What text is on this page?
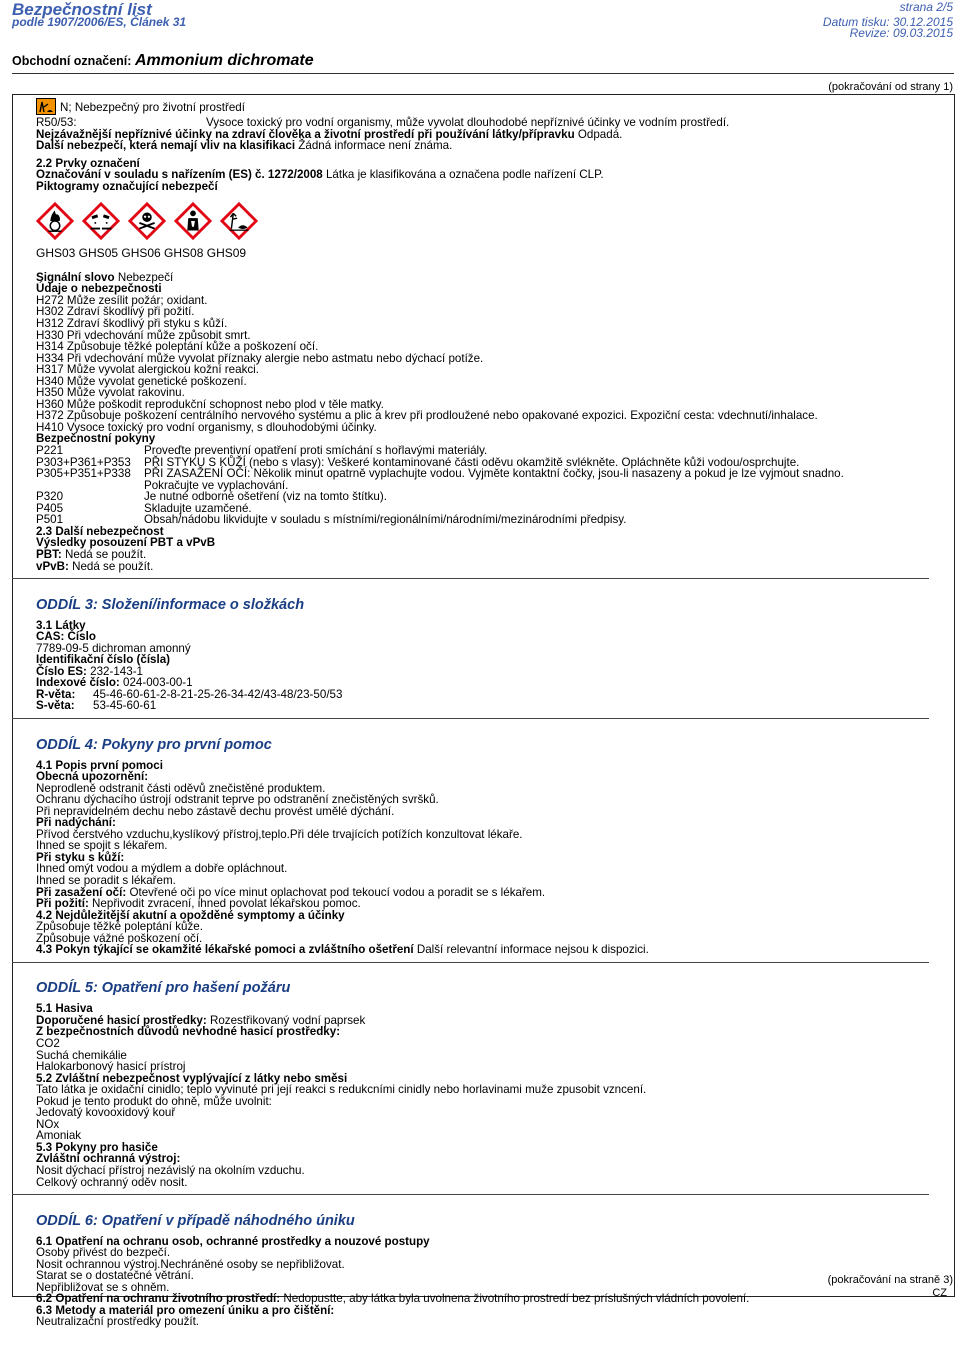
Bezpečnostní list
podle 1907/2006/ES, Článek 31
strana 2/5
Datum tisku: 30.12.2015
Revize: 09.03.2015
Obchodní označení: Ammonium dichromate
(pokračování od strany 1)
N; Nebezpečný pro životní prostředí
R50/53:	Vysoce toxický pro vodní organismy, může vyvolat dlouhodobé nepříznivé účinky ve vodním prostředí.
Nejzávažnější nepříznivé účinky na zdraví člověka a životní prostředí při používání látky/přípravku Odpadá.
Další nebezpečí, která nemají vliv na klasifikaci Žádná informace není známa.
2.2 Prvky označení
Označování v souladu s nařízením (ES) č. 1272/2008 Látka je klasifikována a označena podle nařízení CLP.
Piktogramy označující nebezpečí
GHS03 GHS05 GHS06 GHS08 GHS09
Signální slovo Nebezpečí
Údaje o nebezpečnosti
H272 Může zesílit požár; oxidant.
H302 Zdraví škodlivý při požití.
H312 Zdraví škodlivý při styku s kůží.
H330 Při vdechování může způsobit smrt.
H314 Způsobuje těžké poleptání kůže a poškození očí.
H334 Při vdechování může vyvolat příznaky alergie nebo astmatu nebo dýchací potíže.
H317 Může vyvolat alergickou kožní reakci.
H340 Může vyvolat genetické poškození.
H350 Může vyvolat rakovinu.
H360 Může poškodit reprodukční schopnost nebo plod v těle matky.
H372 Způsobuje poškození centrálního nervového systému a plic a krev při prodloužené nebo opakované expozici. Expoziční cesta: vdechnutí/inhalace.
H410 Vysoce toxický pro vodní organismy, s dlouhodobými účinky.
Bezpečnostní pokyny
P221	Proveďte preventivní opatření proti smíchání s hořlavými materiály.
P303+P361+P353	PŘI STYKU S KŮŽÍ (nebo s vlasy): Veškeré kontaminované části oděvu okamžitě svlékněte. Opláchněte kůži vodou/osprchujte.
P305+P351+P338	PŘI ZASAŽENÍ OČÍ: Několik minut opatrně vyplachujte vodou. Vyjměte kontaktní čočky, jsou-li nasazeny a pokud je lze vyjmout snadno.
Pokračujte ve vyplachování.
P320	Je nutné odborné ošetření (viz na tomto štítku).
P405	Skladujte uzamčené.
P501	Obsah/nádobu likvidujte v souladu s místními/regionálními/národními/mezinárodními předpisy.
2.3 Další nebezpečnost
Výsledky posouzení PBT a vPvB
PBT: Nedá se použít.
vPvB: Nedá se použít.
ODDÍL 3: Složení/informace o složkách
3.1 Látky
CAS: Číslo
7789-09-5 dichroman amonný
Identifikační číslo (čísla)
Číslo ES: 232-143-1
Indexové číslo: 024-003-00-1
R-věta:	45-46-60-61-2-8-21-25-26-34-42/43-48/23-50/53
S-věta:	53-45-60-61
ODDÍL 4: Pokyny pro první pomoc
4.1 Popis první pomoci
Obecná upozornění:
Neprodleně odstranit části oděvů znečistěné produktem.
Ochranu dýchacího ústrojí odstranit teprve po odstranění znečistěných svršků.
Při nepravidelném dechu nebo zástavě dechu provést umělé dýchání.
Při nadýchání:
Přívod čerstvého vzduchu,kyslíkový přístroj,teplo.Při déle trvajících potížích konzultovat lékaře.
Ihned se spojit s lékařem.
Při styku s kůží:
Ihned omýt vodou a mýdlem a dobře opláchnout.
Ihned se poradit s lékařem.
Při zasažení očí: Otevřené oči po více minut oplachovat pod tekoucí vodou a poradit se s lékařem.
Při požití: Nepřivodit zvracení, ihned povolat lékařskou pomoc.
4.2 Nejdůležitější akutní a opožděné symptomy a účinky
Způsobuje těžké poleptání kůže.
Způsobuje vážné poškození očí.
4.3 Pokyn týkající se okamžité lékařské pomoci a zvláštního ošetření Další relevantní informace nejsou k dispozici.
ODDÍL 5: Opatření pro hašení požáru
5.1 Hasiva
Doporučené hasicí prostředky: Rozestřikovaný vodní paprsek
Z bezpečnostních důvodů nevhodné hasicí prostředky:
CO2
Suchá chemikálie
Halokarbonový hasicí prístroj
5.2 Zvláštní nebezpečnost vyplývající z látky nebo směsi
Tato látka je oxidační cinidlo; teplo vyvinuté pri její reakci s redukcními cinidly nebo horlavinami muže zpusobit vzncení.
Pokud je tento produkt do ohně, může uvolnit:
Jedovatý kovooxidový kouř
NOx
Amoniak
5.3 Pokyny pro hasiče
Zvláštní ochranná výstroj:
Nosit dýchací přístroj nezávislý na okolním vzduchu.
Celkový ochranný oděv nosit.
ODDÍL 6: Opatření v případě náhodného úniku
6.1 Opatření na ochranu osob, ochranné prostředky a nouzové postupy
Osoby přivést do bezpečí.
Nosit ochrannou výstroj.Nechráněné osoby se nepřibližovat.
Starat se o dostatečné větrání.
Nepřibližovat se s ohněm.
6.2 Opatření na ochranu životního prostředí: Nedopustte, aby látka byla uvolnena životního prostredí bez príslušných vládních povolení.
6.3 Metody a materiál pro omezení úniku a pro čištění:
Neutralizační prostředky použít.
(pokračování na straně 3)
CZ
